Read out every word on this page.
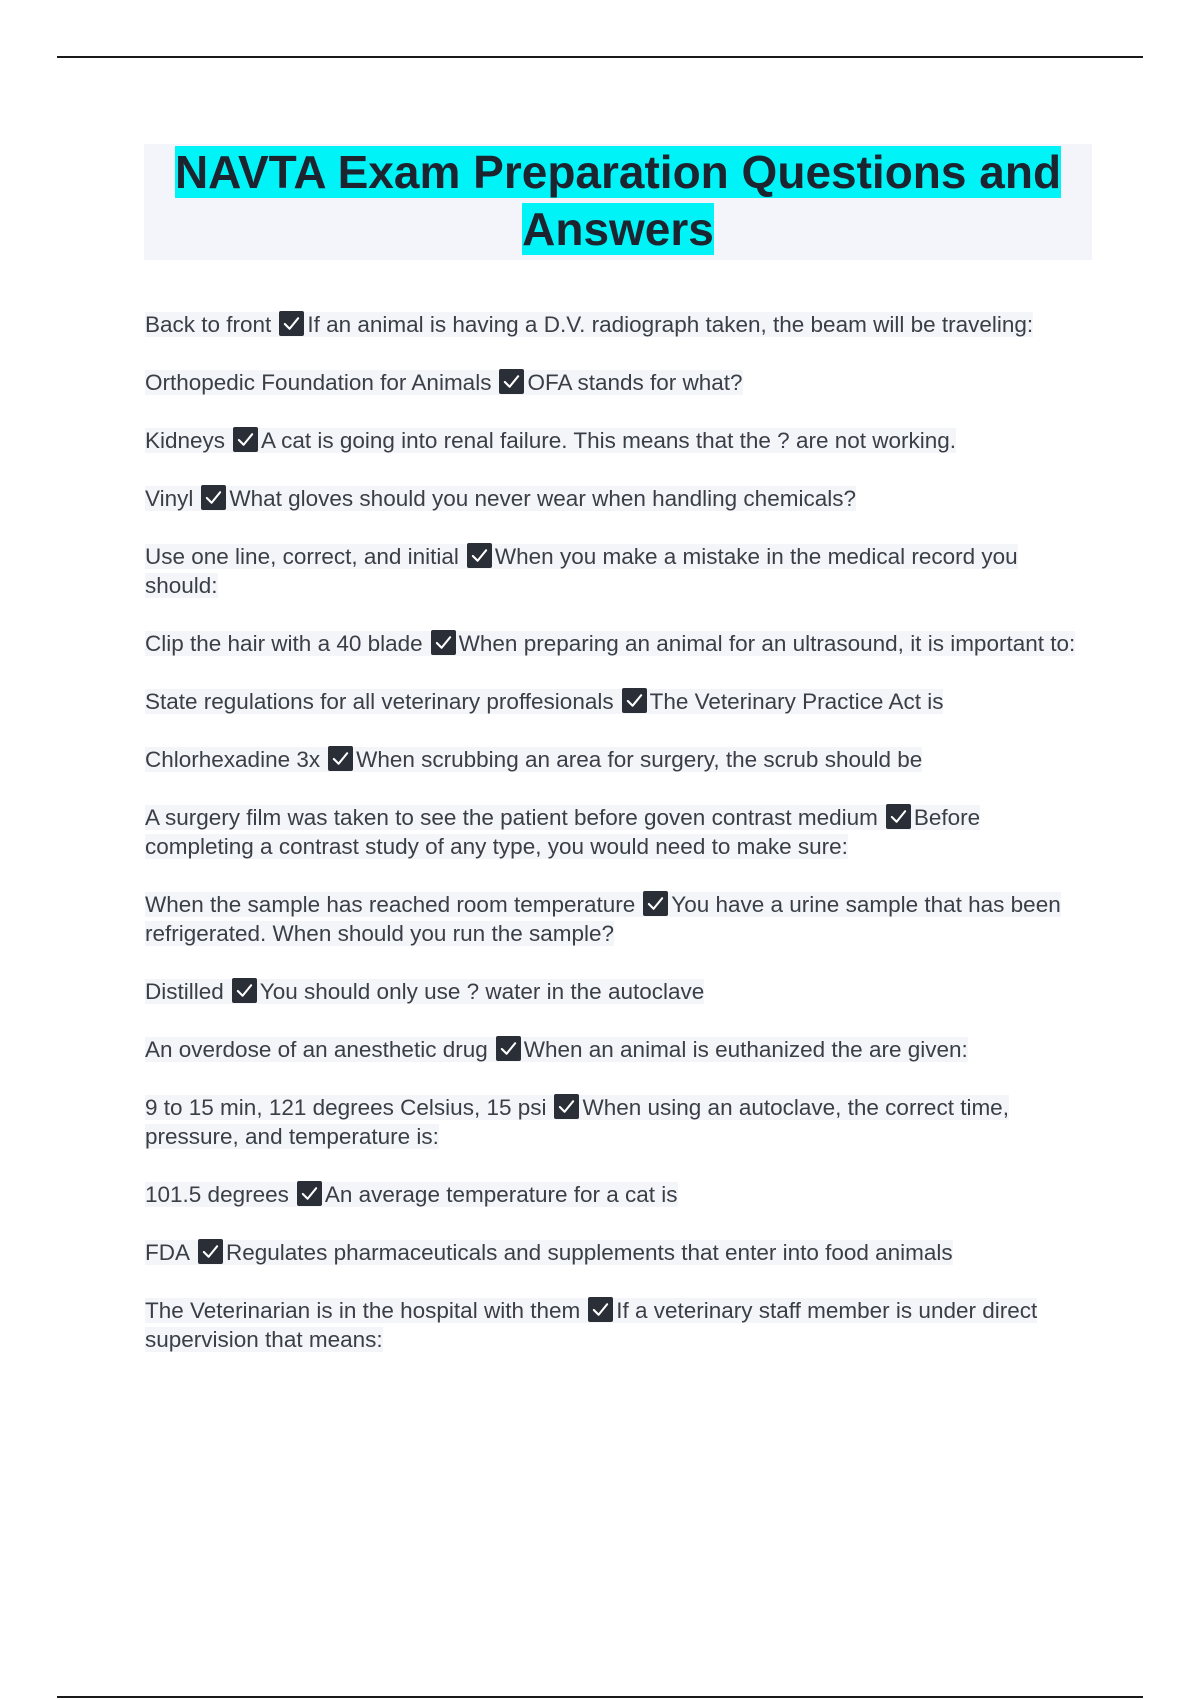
NAVTA Exam Preparation Questions and Answers
Back to front If an animal is having a D.V. radiograph taken, the beam will be traveling:
Orthopedic Foundation for Animals OFA stands for what?
Kidneys A cat is going into renal failure. This means that the ? are not working.
Vinyl What gloves should you never wear when handling chemicals?
Use one line, correct, and initial When you make a mistake in the medical record you should:
Clip the hair with a 40 blade When preparing an animal for an ultrasound, it is important to:
State regulations for all veterinary proffesionals The Veterinary Practice Act is
Chlorhexadine 3x When scrubbing an area for surgery, the scrub should be
A surgery film was taken to see the patient before goven contrast medium Before completing a contrast study of any type, you would need to make sure:
When the sample has reached room temperature You have a urine sample that has been refrigerated. When should you run the sample?
Distilled You should only use ? water in the autoclave
An overdose of an anesthetic drug When an animal is euthanized the are given:
9 to 15 min, 121 degrees Celsius, 15 psi When using an autoclave, the correct time, pressure, and temperature is:
101.5 degrees An average temperature for a cat is
FDA Regulates pharmaceuticals and supplements that enter into food animals
The Veterinarian is in the hospital with them If a veterinary staff member is under direct supervision that means:
